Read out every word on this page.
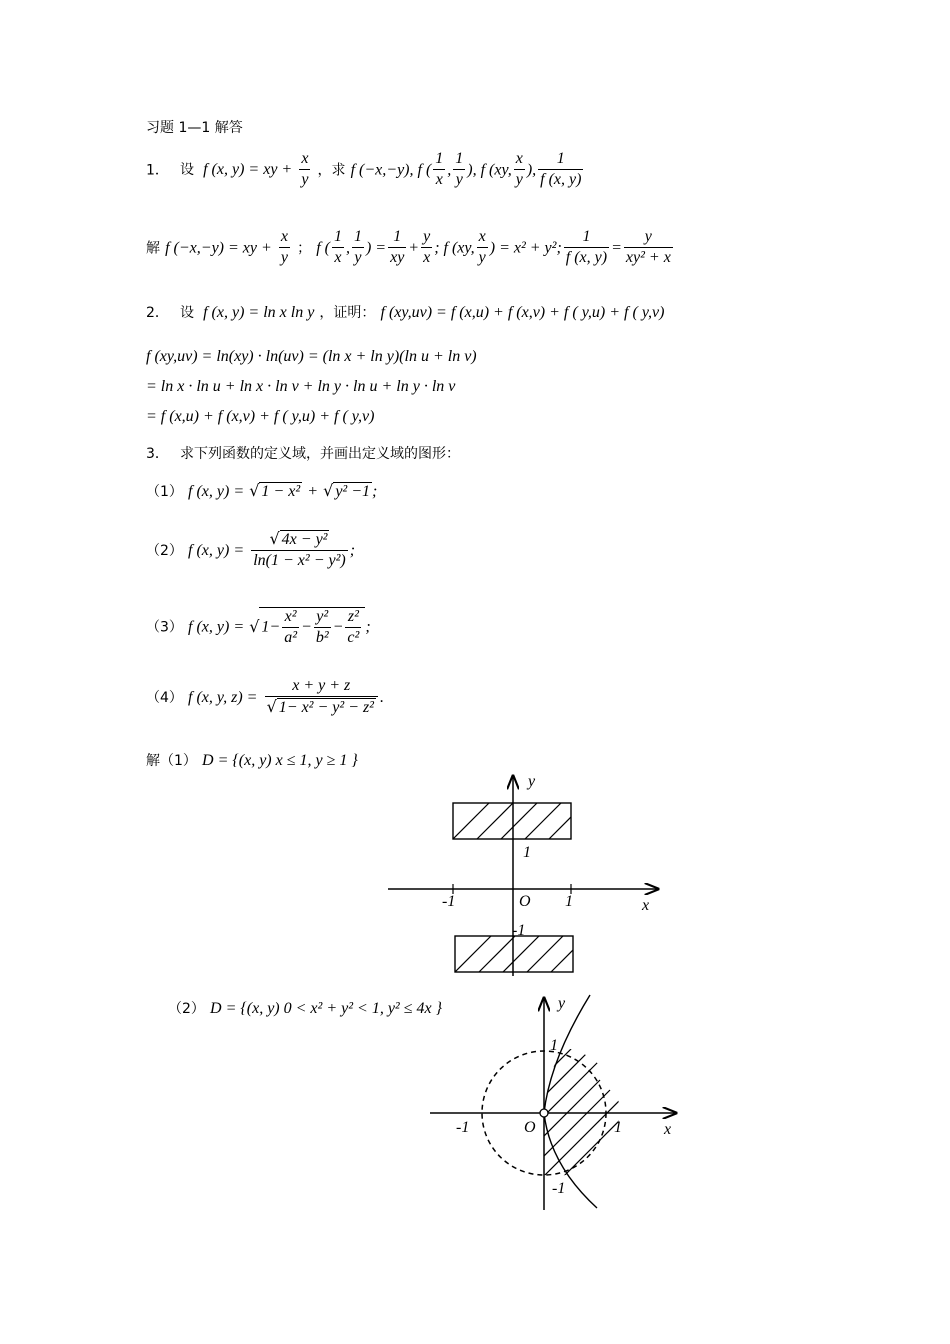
习题 1—1 解答
1． 设 f (x, y) = xy + $\frac{x}{y}$ ，求 f (−x,−y), f ( $\frac{1}{x}$ , $\frac{1}{y}$ ), f (xy, $\frac{x}{y}$ ), $\frac{1}{f (x, y)}$
解 f (−x,−y) = xy + $\frac{x}{y}$ ； f ( $\frac{1}{x}$ , $\frac{1}{y}$ ) = $\frac{1}{xy} + \frac{y}{x}$ ; f (xy, $\frac{x}{y}$ ) = x² + y²; $\frac{1}{f (x, y)} = \frac{y}{\text{xy² + x}}$
2． 设 f (x, y) = ln x ln y ，证明： f (xy,uv) = f (x,u) + f (x,v) + f ( y,u) + f ( y,v)
f (xy,uv) = ln(xy) · ln(uv) = (ln x + ln y)(ln u + ln v)
= ln x · ln u + ln x · ln v + ln y · ln u + ln y · ln v
= f (x,u) + f (x,v) + f ( y,u) + f ( y,v)
3． 求下列函数的定义域，并画出定义域的图形：
（1） f (x, y) = √ 1 − x² + √ y² −1 ;
（2） f (x, $y) = \frac{\text{√ 4x − y²}}{\text{ln(1 − x² − y²)}}$ ;
（3） f (x, y) = √ $1- \frac{\text{x²}}{\text{a²}} - \frac{\text{y²}}{\text{b²}} - \frac{\text{z²}}{\text{c²}}$ ;
（4） f (x, y, $z) = \frac{x + y + z}{\text{√ 1− x² − y² − z²}}$ .
解（1） D = {(x, y) x ≤ 1, y ≥ 1 }
y
x
O
1
-1	1
-1
（2） D = {(x, y) 0 < x² + y² < 1, y² ≤ 4x }	y
x
O
1
-1	1
-1
